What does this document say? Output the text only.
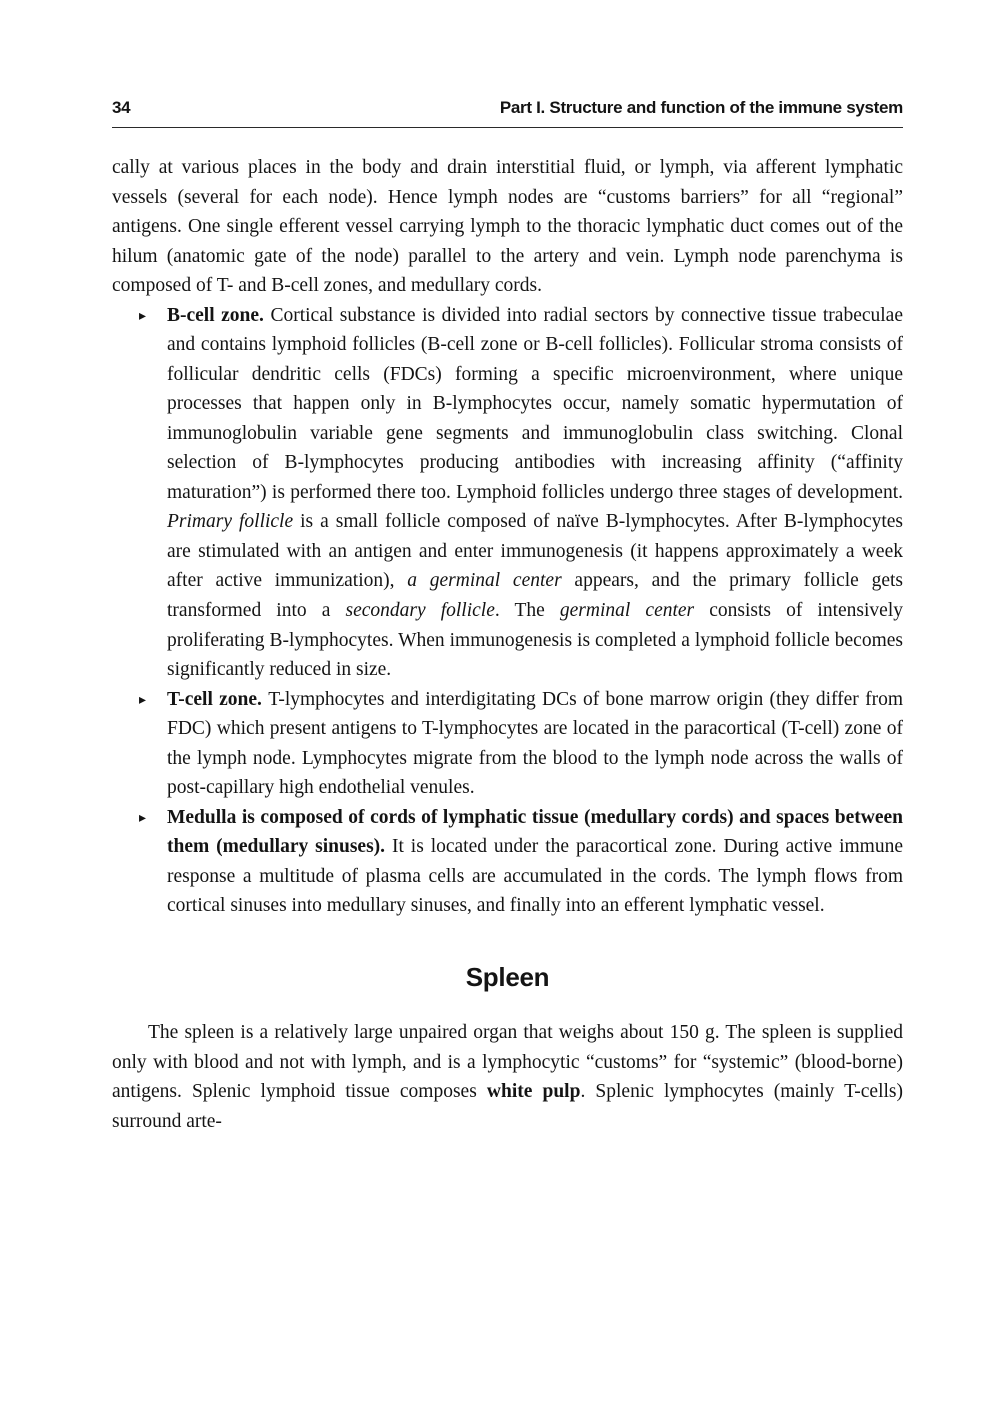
34	Part I. Structure and function of the immune system

cally at various places in the body and drain interstitial fluid, or lymph, via afferent lymphatic vessels (several for each node). Hence lymph nodes are “customs barriers” for all “regional” antigens. One single efferent vessel carrying lymph to the thoracic lymphatic duct comes out of the hilum (anatomic gate of the node) parallel to the artery and vein. Lymph node parenchyma is composed of T- and B-cell zones, and medullary cords.

▸ B-cell zone. Cortical substance is divided into radial sectors by connective tissue trabeculae and contains lymphoid follicles (B-cell zone or B-cell follicles). Follicular stroma consists of follicular dendritic cells (FDCs) forming a specific microenvironment, where unique processes that happen only in B-lymphocytes occur, namely somatic hypermutation of immunoglobulin variable gene segments and immunoglobulin class switching. Clonal selection of B-lymphocytes producing antibodies with increasing affinity (“affinity maturation”) is performed there too. Lymphoid follicles undergo three stages of development. Primary follicle is a small follicle composed of naïve B-lymphocytes. After B-lymphocytes are stimulated with an antigen and enter immunogenesis (it happens approximately a week after active immunization), a germinal center appears, and the primary follicle gets transformed into a secondary follicle. The germinal center consists of intensively proliferating B-lymphocytes. When immunogenesis is completed a lymphoid follicle becomes significantly reduced in size.

▸ T-cell zone. T-lymphocytes and interdigitating DCs of bone marrow origin (they differ from FDC) which present antigens to T-lymphocytes are located in the paracortical (T-cell) zone of the lymph node. Lymphocytes migrate from the blood to the lymph node across the walls of post-capillary high endothelial venules.

▸ Medulla is composed of cords of lymphatic tissue (medullary cords) and spaces between them (medullary sinuses). It is located under the paracortical zone. During active immune response a multitude of plasma cells are accumulated in the cords. The lymph flows from cortical sinuses into medullary sinuses, and finally into an efferent lymphatic vessel.

Spleen

The spleen is a relatively large unpaired organ that weighs about 150 g. The spleen is supplied only with blood and not with lymph, and is a lymphocytic “customs” for “systemic” (blood-borne) antigens. Splenic lymphoid tissue composes white pulp. Splenic lymphocytes (mainly T-cells) surround arte-
